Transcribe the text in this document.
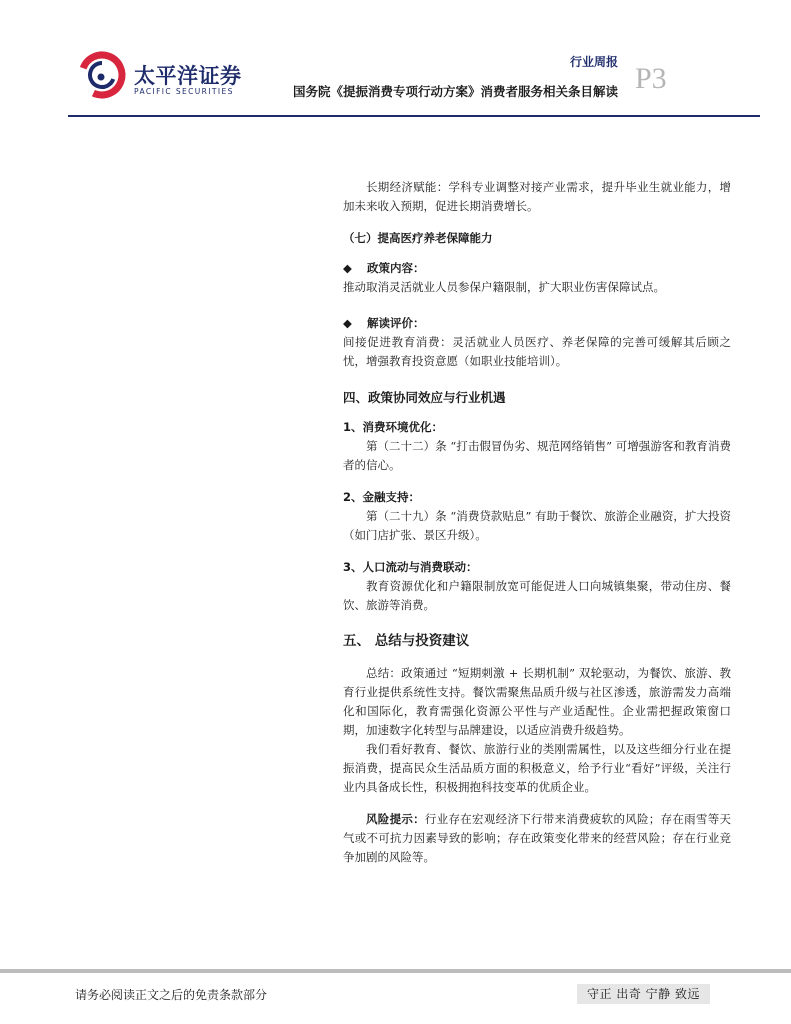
太平洋证券
PACIFIC SECURITIES
行业周报
国务院《提振消费专项行动方案》消费者服务相关条目解读 P3

长期经济赋能：学科专业调整对接产业需求，提升毕业生就业能力，增加未来收入预期，促进长期消费增长。

（七）提高医疗养老保障能力

◆ 政策内容：

推动取消灵活就业人员参保户籍限制，扩大职业伤害保障试点。

◆ 解读评价：

间接促进教育消费：灵活就业人员医疗、养老保障的完善可缓解其后顾之忧，增强教育投资意愿（如职业技能培训）。

四、政策协同效应与行业机遇

1、消费环境优化：

第（二十二）条 “打击假冒伪劣、规范网络销售” 可增强游客和教育消费者的信心。

2、金融支持：

第（二十九）条 “消费贷款贴息” 有助于餐饮、旅游企业融资，扩大投资（如门店扩张、景区升级）。

3、人口流动与消费联动：

教育资源优化和户籍限制放宽可能促进人口向城镇集聚，带动住房、餐饮、旅游等消费。

五、 总结与投资建议

总结：政策通过 “短期刺激 + 长期机制” 双轮驱动，为餐饮、旅游、教育行业提供系统性支持。餐饮需聚焦品质升级与社区渗透，旅游需发力高端化和国际化，教育需强化资源公平性与产业适配性。企业需把握政策窗口期，加速数字化转型与品牌建设，以适应消费升级趋势。

我们看好教育、餐饮、旅游行业的类刚需属性，以及这些细分行业在提振消费，提高民众生活品质方面的积极意义，给予行业“看好”评级，关注行业内具备成长性，积极拥抱科技变革的优质企业。

风险提示：行业存在宏观经济下行带来消费疲软的风险；存在雨雪等天气或不可抗力因素导致的影响；存在政策变化带来的经营风险；存在行业竞争加剧的风险等。

请务必阅读正文之后的免责条款部分	守正 出奇 宁静 致远
